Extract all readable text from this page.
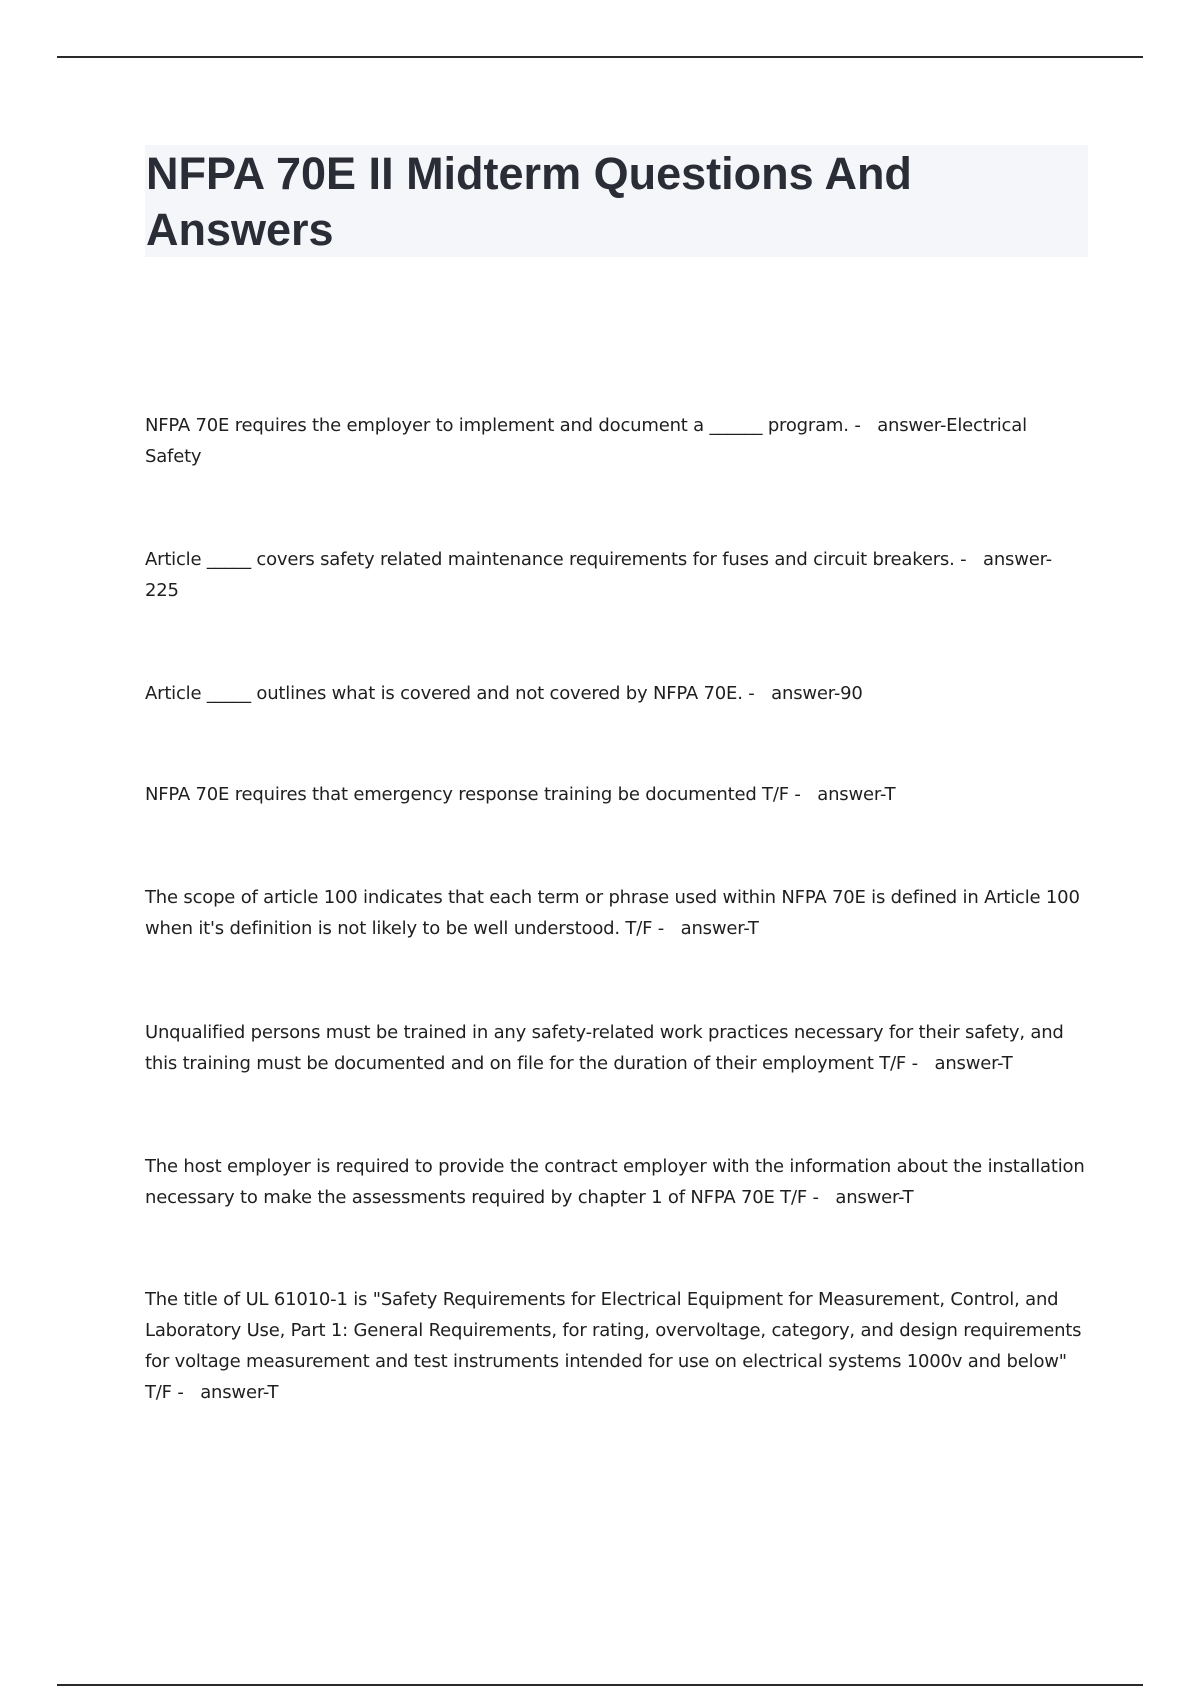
NFPA 70E II Midterm Questions And Answers

NFPA 70E requires the employer to implement and document a ______ program. -   answer-Electrical Safety

Article _____ covers safety related maintenance requirements for fuses and circuit breakers. -   answer-225

Article _____ outlines what is covered and not covered by NFPA 70E. -   answer-90

NFPA 70E requires that emergency response training be documented T/F -   answer-T

The scope of article 100 indicates that each term or phrase used within NFPA 70E is defined in Article 100 when it's definition is not likely to be well understood. T/F -   answer-T

Unqualified persons must be trained in any safety-related work practices necessary for their safety, and this training must be documented and on file for the duration of their employment T/F -   answer-T

The host employer is required to provide the contract employer with the information about the installation necessary to make the assessments required by chapter 1 of NFPA 70E T/F -   answer-T

The title of UL 61010-1 is "Safety Requirements for Electrical Equipment for Measurement, Control, and Laboratory Use, Part 1: General Requirements, for rating, overvoltage, category, and design requirements for voltage measurement and test instruments intended for use on electrical systems 1000v and below" T/F -   answer-T
